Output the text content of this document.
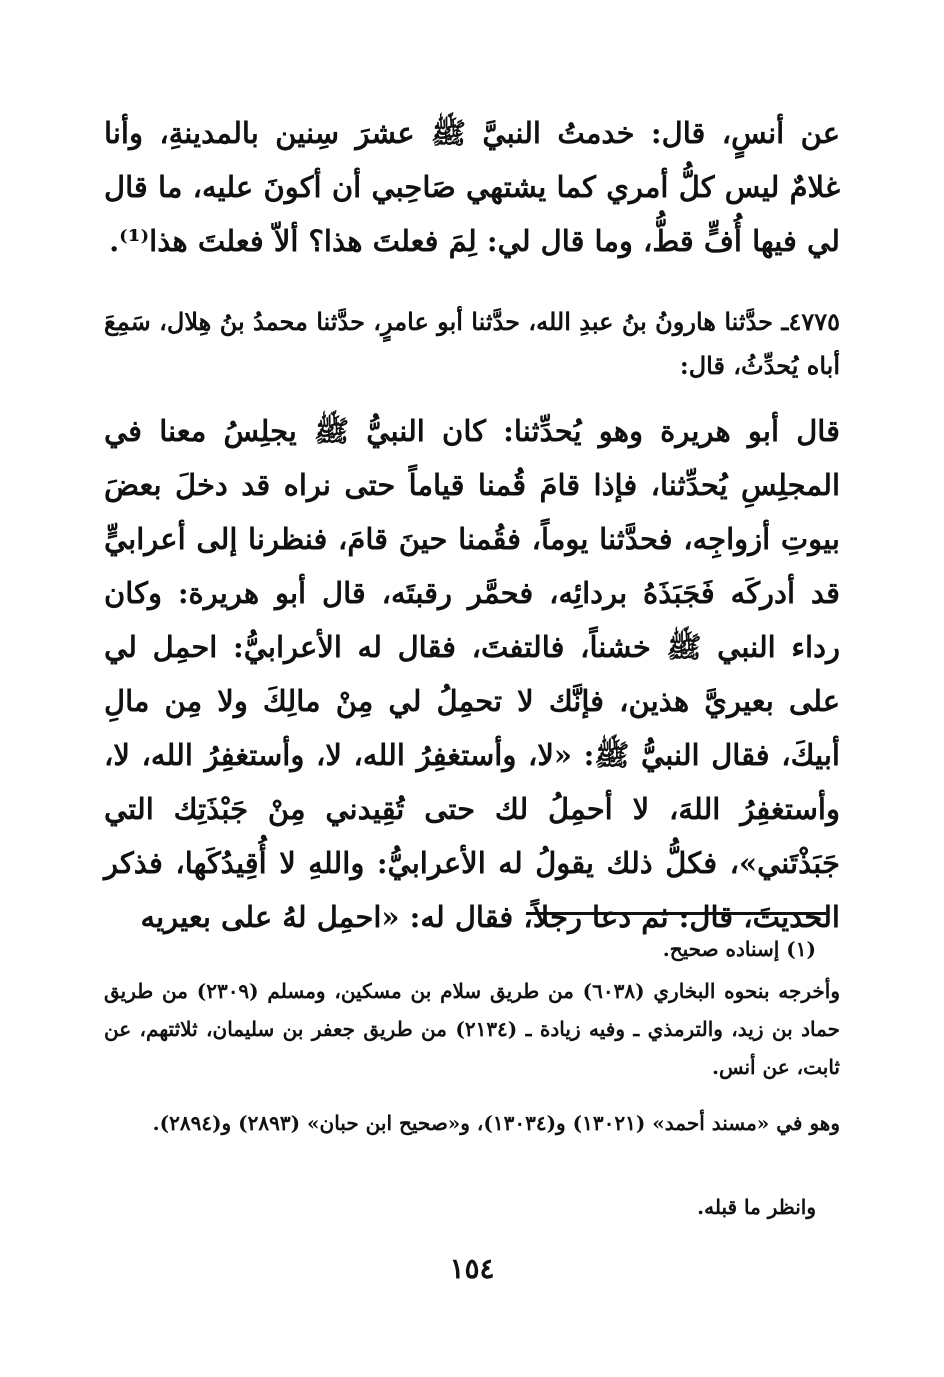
عن أنسٍ، قال: خدمتُ النبيَّ ﷺ عشرَ سِنين بالمدينةِ، وأنا غلامٌ ليس كلُّ أمري كما يشتهي صَاحِبي أن أكونَ عليه، ما قال لي فيها أُفٍّ قطُّ، وما قال لي: لِمَ فعلتَ هذا؟ ألاّ فعلتَ هذا⁽¹⁾.
٤٧٧٥ـ حدَّثنا هارونُ بنُ عبدِ الله، حدَّثنا أبو عامرٍ، حدَّثنا محمدُ بنُ هِلال، سَمِعَ أباه يُحدِّثُ، قال:
قال أبو هريرة وهو يُحدِّثنا: كان النبيُّ ﷺ يجلِسُ معنا في المجلِسِ يُحدِّثنا، فإذا قامَ قُمنا قياماً حتى نراه قد دخلَ بعضَ بيوتِ أزواجِه، فحدَّثنا يوماً، فقُمنا حينَ قامَ، فنظرنا إلى أعرابيٍّ قد أدركَه فَجَبَذَهُ بردائِه، فحمَّر رقبتَه، قال أبو هريرة: وكان رداء النبي ﷺ خشناً، فالتفتَ، فقال له الأعرابيُّ: احمِل لي على بعيريَّ هذين، فإنَّك لا تحمِلُ لي مِنْ مالِكَ ولا مِن مالِ أبيكَ، فقال النبيُّ ﷺ: «لا، وأستغفِرُ الله، لا، وأستغفِرُ الله، لا، وأستغفِرُ اللهَ، لا أحمِلُ لك حتى تُقِيدني مِنْ جَبْذَتِك التي جَبَذْتَني»، فكلُّ ذلك يقولُ له الأعرابيُّ: واللهِ لا أُقِيدُكَها، فذكر الحديثَ، قال: ثم دعا رجلاً، فقال له: «احمِل لهُ على بعيريه
(١) إسناده صحيح.
وأخرجه بنحوه البخاري (٦٠٣٨) من طريق سلام بن مسكين، ومسلم (٢٣٠٩) من طريق حماد بن زيد، والترمذي ـ وفيه زيادة ـ (٢١٣٤) من طريق جعفر بن سليمان، ثلاثتهم، عن ثابت، عن أنس.
وهو في «مسند أحمد» (١٣٠٢١) و(١٣٠٣٤)، و«صحيح ابن حبان» (٢٨٩٣) و(٢٨٩٤).
وانظر ما قبله.
١٥٤
